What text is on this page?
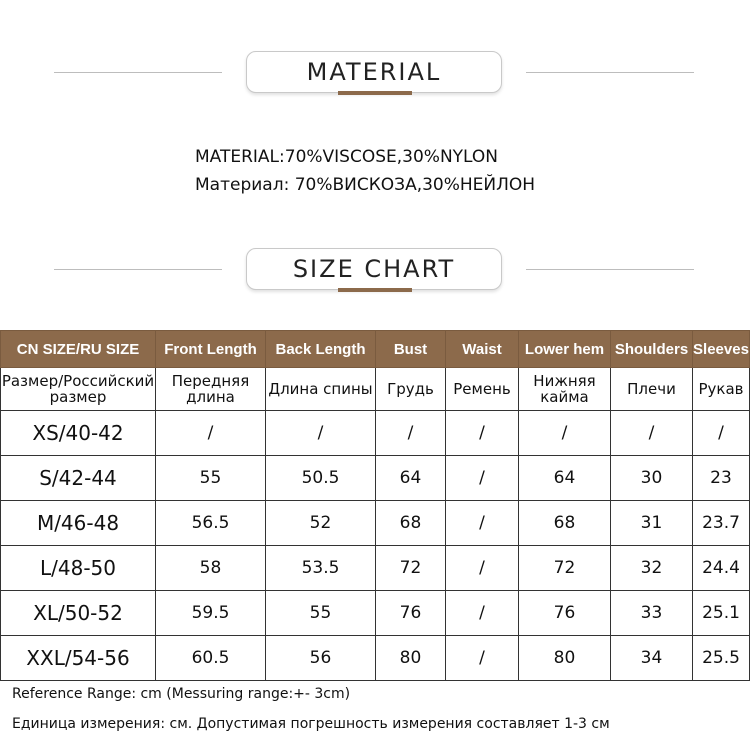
MATERIAL
MATERIAL:70%VISCOSE,30%NYLON
Материал: 70%ВИСКОЗА,30%НЕЙЛОН
SIZE CHART
CN SIZE/RU SIZE	Front Length	Back Length	Bust	Waist	Lower hem	Shoulders	Sleeves
Размер/Российский размер	Передняя длина	Длина спины	Грудь	Ремень	Нижняя кайма	Плечи	Рукав
XS/40-42	/	/	/	/	/	/	/
S/42-44	55	50.5	64	/	64	30	23
M/46-48	56.5	52	68	/	68	31	23.7
L/48-50	58	53.5	72	/	72	32	24.4
XL/50-52	59.5	55	76	/	76	33	25.1
XXL/54-56	60.5	56	80	/	80	34	25.5
Reference Range: cm (Messuring range:+- 3cm)
Единица измерения: см. Допустимая погрешность измерения составляет 1-3 см
